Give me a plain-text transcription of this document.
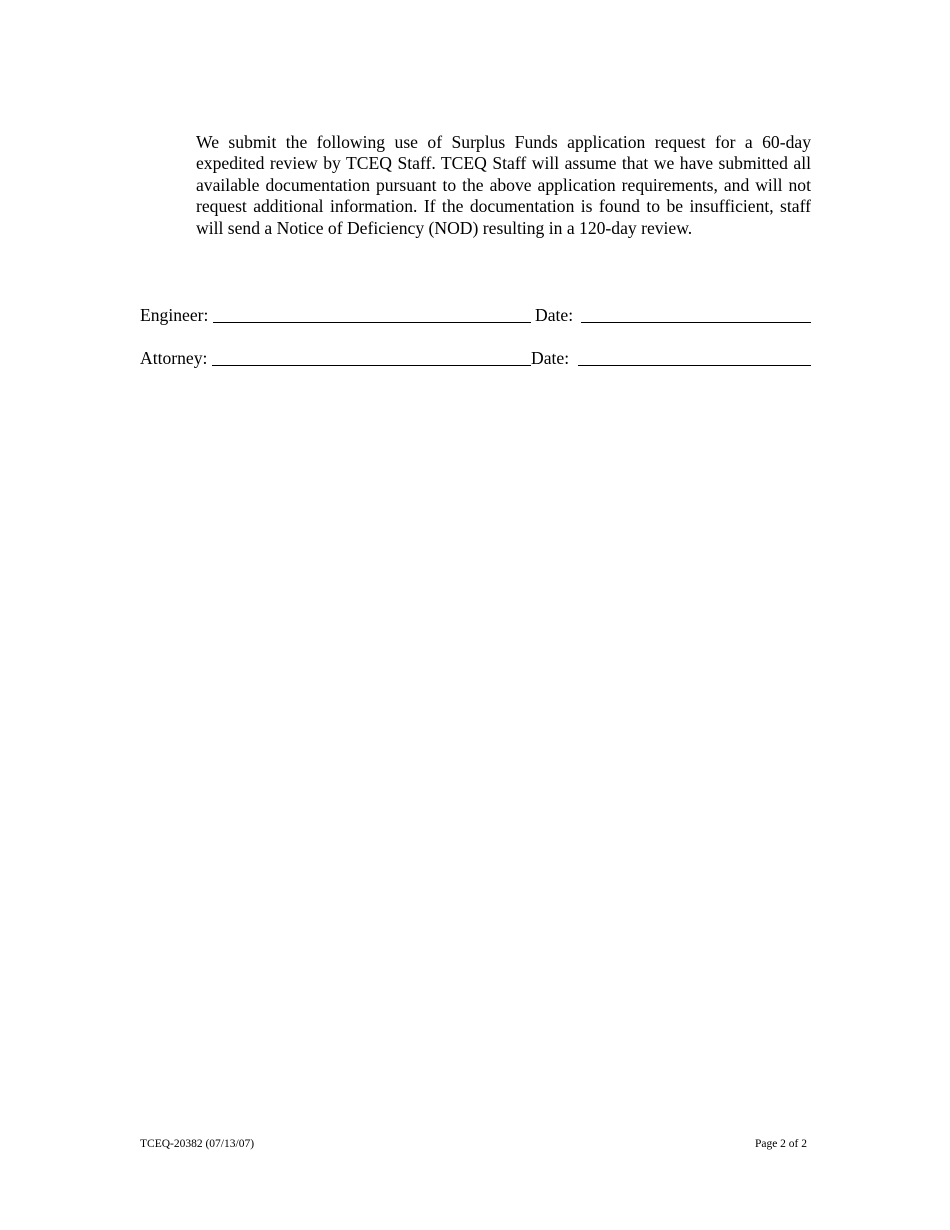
We submit the following use of Surplus Funds application request for a 60-day expedited review by TCEQ Staff. TCEQ Staff will assume that we have submitted all available documentation pursuant to the above application requirements, and will not request additional information. If the documentation is found to be insufficient, staff will send a Notice of Deficiency (NOD) resulting in a 120-day review.

Engineer:	Date:
Attorney:	Date:
TCEQ-20382 (07/13/07)	Page 2 of 2
